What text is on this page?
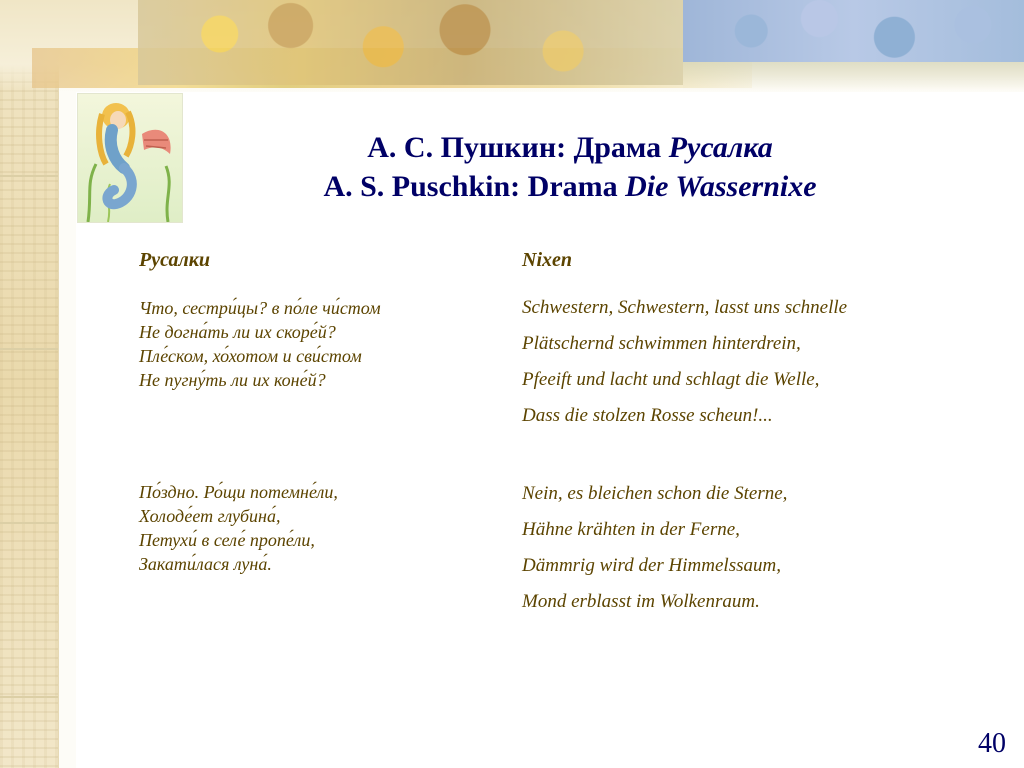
А. С. Пушкин: Драма Русалка
A. S. Puschkin: Drama Die Wassernixe
Русалки
Что, сестри́цы? в по́ле чи́стом
Не догна́ть ли их скоре́й?
Пле́ском, хо́хотом и сви́стом
Не пугну́ть ли их коне́й?
По́здно. Ро́щи потемне́ли,
Холоде́ет глубина́,
Петухи́ в селе́ пропе́ли,
Закати́лася луна́.
Nixen
Schwestern, Schwestern, lasst uns schnelle
Plätschernd schwimmen hinterdrein,
Pfeeift und lacht und schlagt die Welle,
Dass die stolzen Rosse scheun!...
Nein, es bleichen schon die Sterne,
Hähne krähten in der Ferne,
Dämmrig wird der Himmelssaum,
Mond erblasst im Wolkenraum.
40
